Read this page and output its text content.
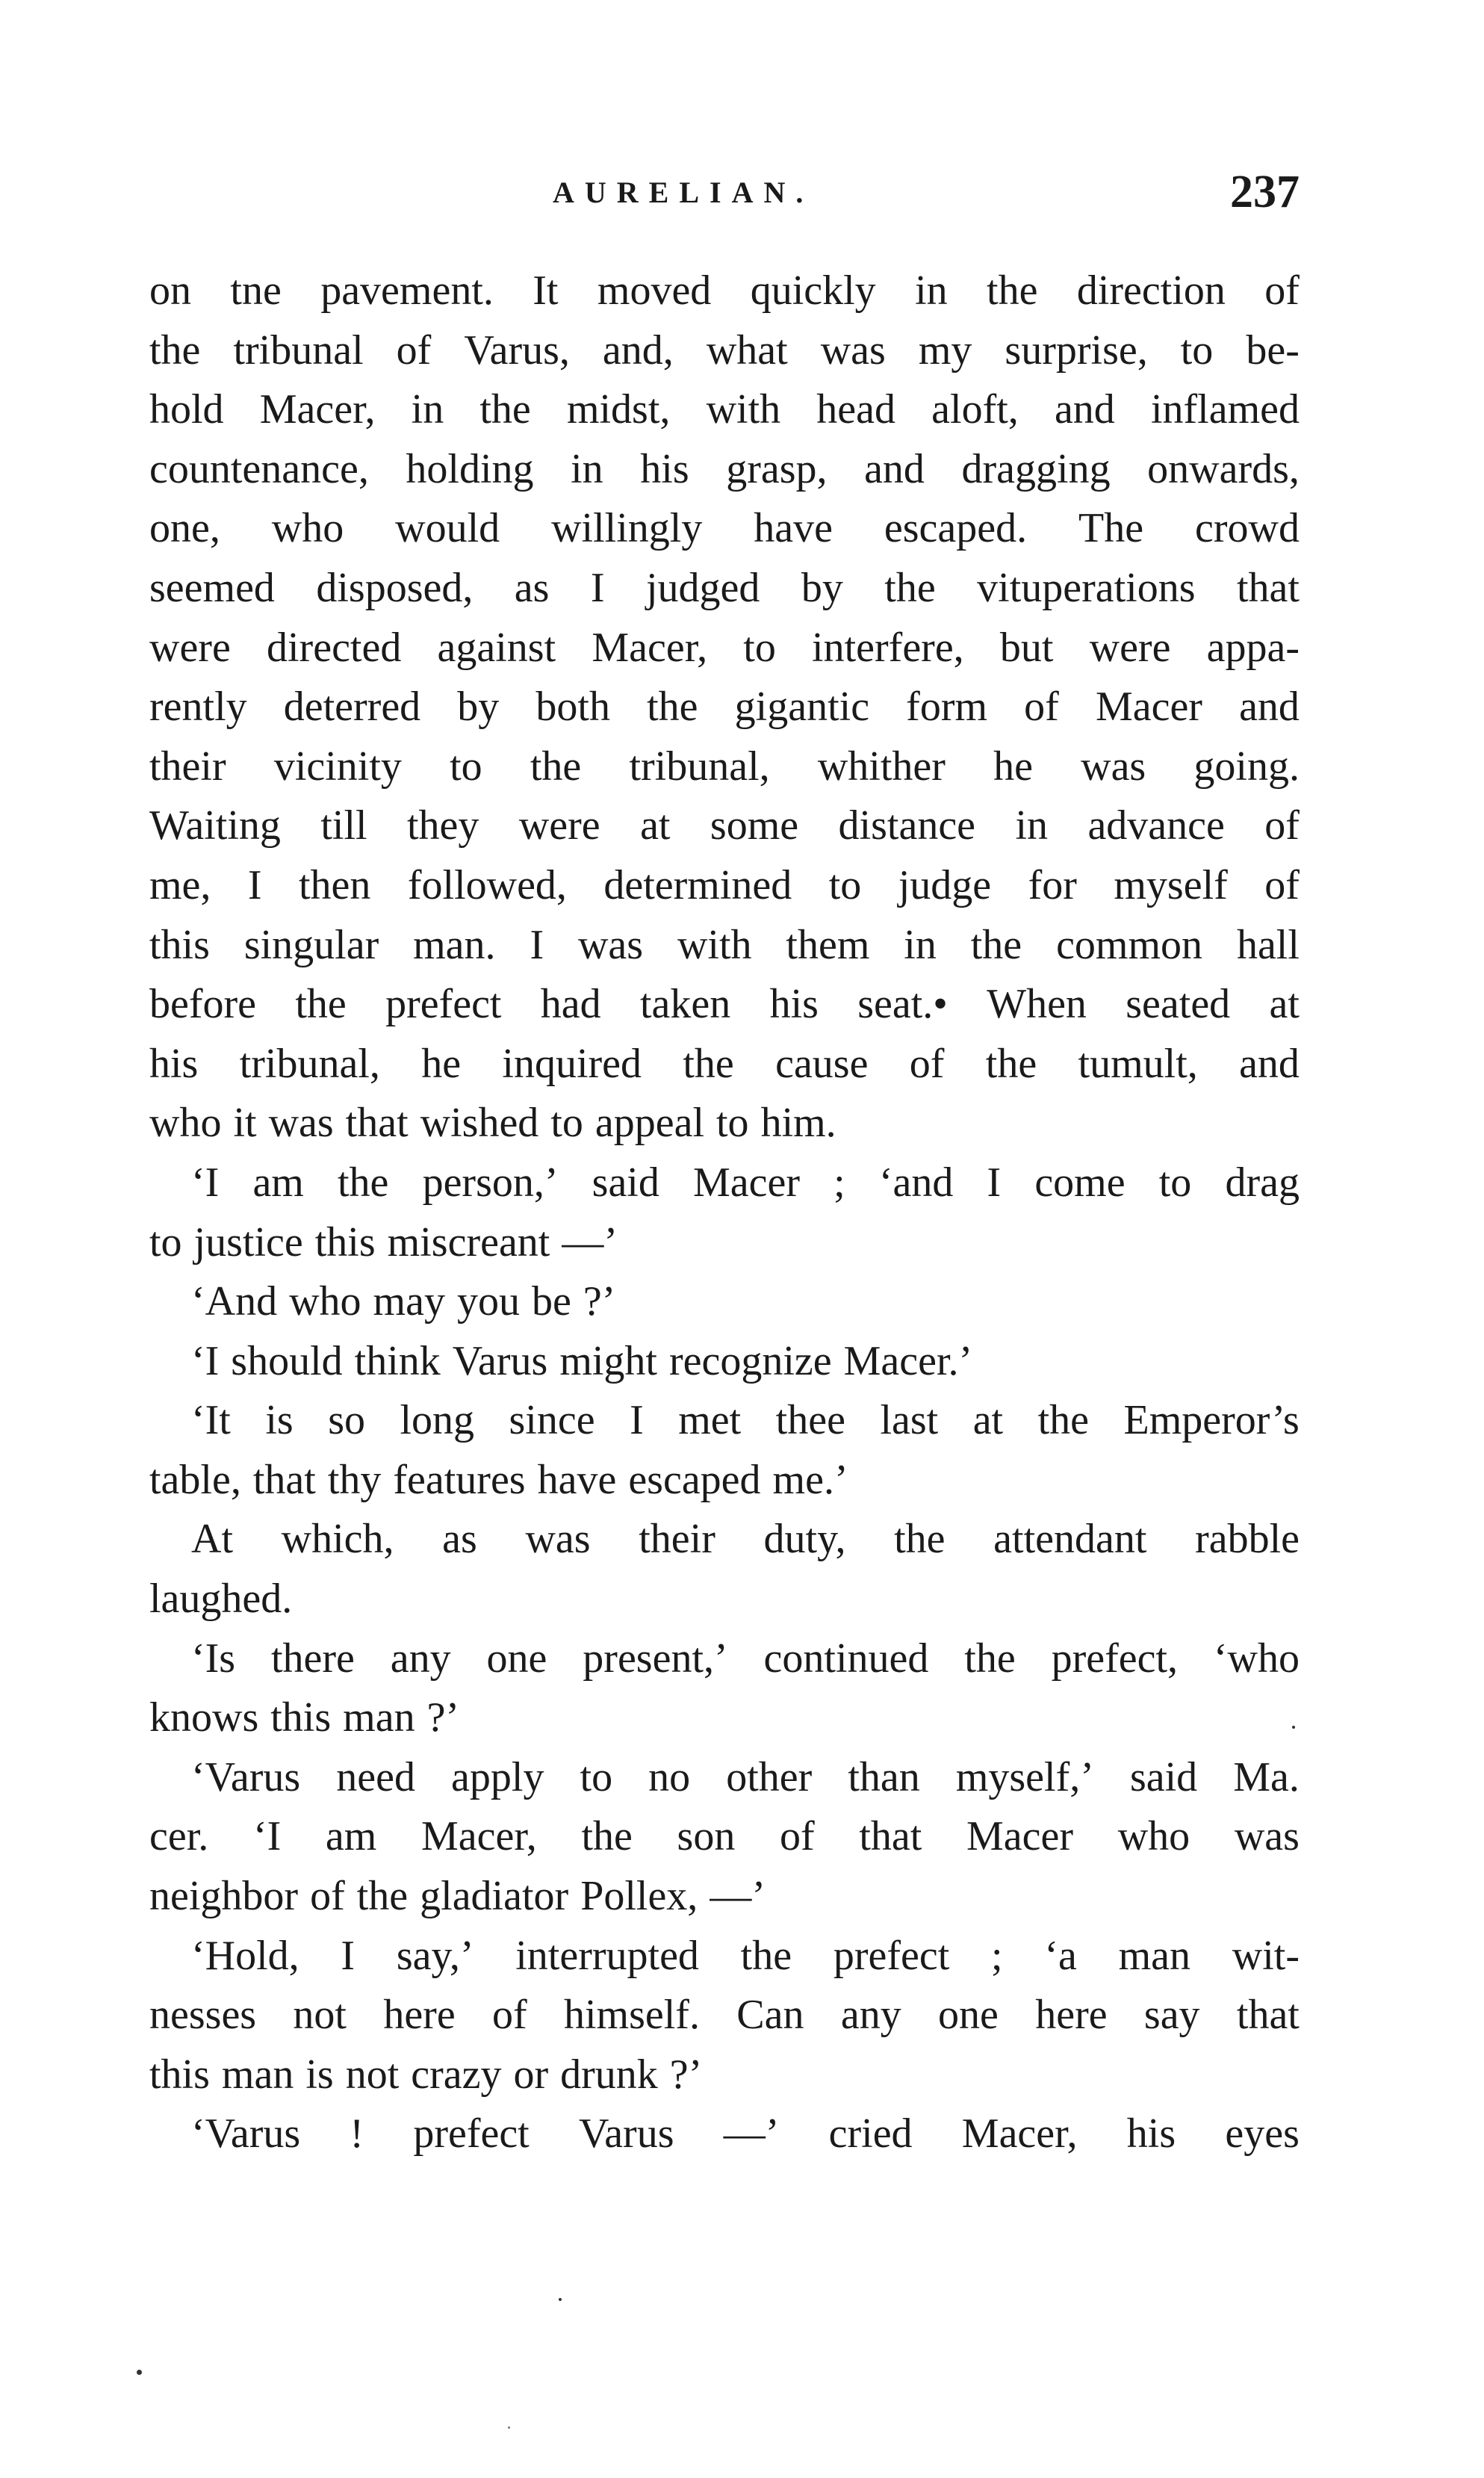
AURELIAN.	237
on tne pavement. It moved quickly in the direction of
the tribunal of Varus, and, what was my surprise, to be-
hold Macer, in the midst, with head aloft, and inflamed
countenance, holding in his grasp, and dragging onwards,
one, who would willingly have escaped. The crowd
seemed disposed, as I judged by the vituperations that
were directed against Macer, to interfere, but were appa-
rently deterred by both the gigantic form of Macer and
their vicinity to the tribunal, whither he was going.
Waiting till they were at some distance in advance of
me, I then followed, determined to judge for myself of
this singular man. I was with them in the common hall
before the prefect had taken his seat.• When seated at
his tribunal, he inquired the cause of the tumult, and
who it was that wished to appeal to him.
‘I am the person,’ said Macer ; ‘and I come to drag
to justice this miscreant —’
‘And who may you be ?’
‘I should think Varus might recognize Macer.’
‘It is so long since I met thee last at the Emperor’s
table, that thy features have escaped me.’
At which, as was their duty, the attendant rabble
laughed.
‘Is there any one present,’ continued the prefect, ‘who
knows this man ?’
‘Varus need apply to no other than myself,’ said Ma.
cer. ‘I am Macer, the son of that Macer who was
neighbor of the gladiator Pollex, —’
‘Hold, I say,’ interrupted the prefect ; ‘a man wit-
nesses not here of himself. Can any one here say that
this man is not crazy or drunk ?’
‘Varus ! prefect Varus —’ cried Macer, his eyes
